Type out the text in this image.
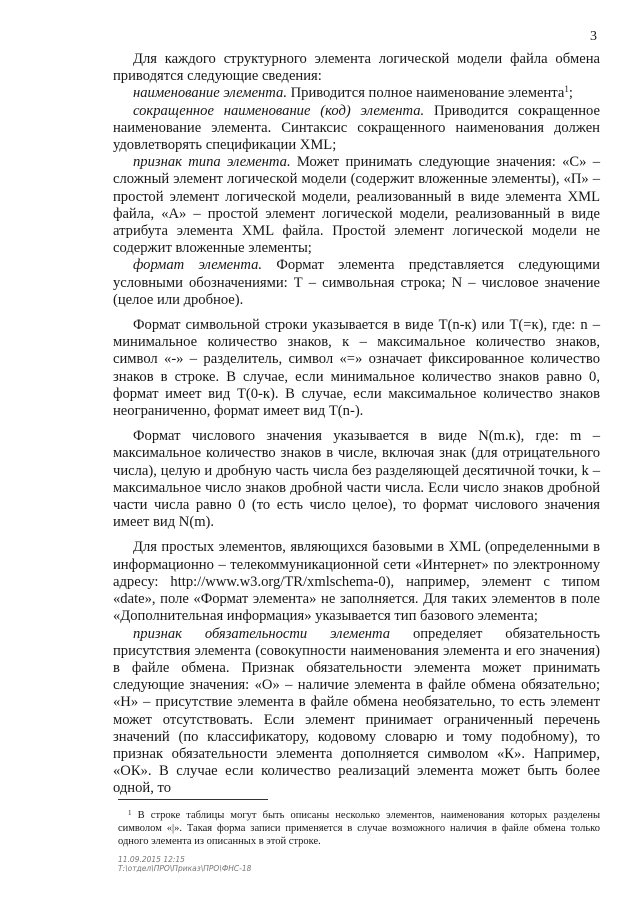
3

Для каждого структурного элемента логической модели файла обмена приводятся следующие сведения:

наименование элемента. Приводится полное наименование элемента$^1$;

сокращенное наименование (код) элемента. Приводится сокращенное наименование элемента. Синтаксис сокращенного наименования должен удовлетворять спецификации XML;

признак типа элемента. Может принимать следующие значения: «С» – сложный элемент логической модели (содержит вложенные элементы), «П» – простой элемент логической модели, реализованный в виде элемента XML файла, «А» – простой элемент логической модели, реализованный в виде атрибута элемента XML файла. Простой элемент логической модели не содержит вложенные элементы;

формат элемента. Формат элемента представляется следующими условными обозначениями: Т – символьная строка; N – числовое значение (целое или дробное).

Формат символьной строки указывается в виде Т(n-к) или Т(=к), где: n – минимальное количество знаков, к – максимальное количество знаков, символ «-» – разделитель, символ «=» означает фиксированное количество знаков в строке. В случае, если минимальное количество знаков равно 0, формат имеет вид Т(0-к). В случае, если максимальное количество знаков неограниченно, формат имеет вид Т(n-).

Формат числового значения указывается в виде N(m.к), где: m – максимальное количество знаков в числе, включая знак (для отрицательного числа), целую и дробную часть числа без разделяющей десятичной точки, k – максимальное число знаков дробной части числа. Если число знаков дробной части числа равно 0 (то есть число целое), то формат числового значения имеет вид N(m).

Для простых элементов, являющихся базовыми в XML (определенными в информационно – телекоммуникационной сети «Интернет» по электронному адресу: http://www.w3.org/TR/xmlschema-0), например, элемент с типом «date», поле «Формат элемента» не заполняется. Для таких элементов в поле «Дополнительная информация» указывается тип базового элемента;

признак обязательности элемента определяет обязательность присутствия элемента (совокупности наименования элемента и его значения) в файле обмена. Признак обязательности элемента может принимать следующие значения: «О» – наличие элемента в файле обмена обязательно; «Н» – присутствие элемента в файле обмена необязательно, то есть элемент может отсутствовать. Если элемент принимает ограниченный перечень значений (по классификатору, кодовому словарю и тому подобному), то признак обязательности элемента дополняется символом «К». Например, «ОК». В случае если количество реализаций элемента может быть более одной, то

$^1$ В строке таблицы могут быть описаны несколько элементов, наименования которых разделены символом «|». Такая форма записи применяется в случае возможного наличия в файле обмена только одного элемента из описанных в этой строке.

11.09.2015 12:15
Т:\отдел\ПРО\Приказ\ПРО\ФНС-18
